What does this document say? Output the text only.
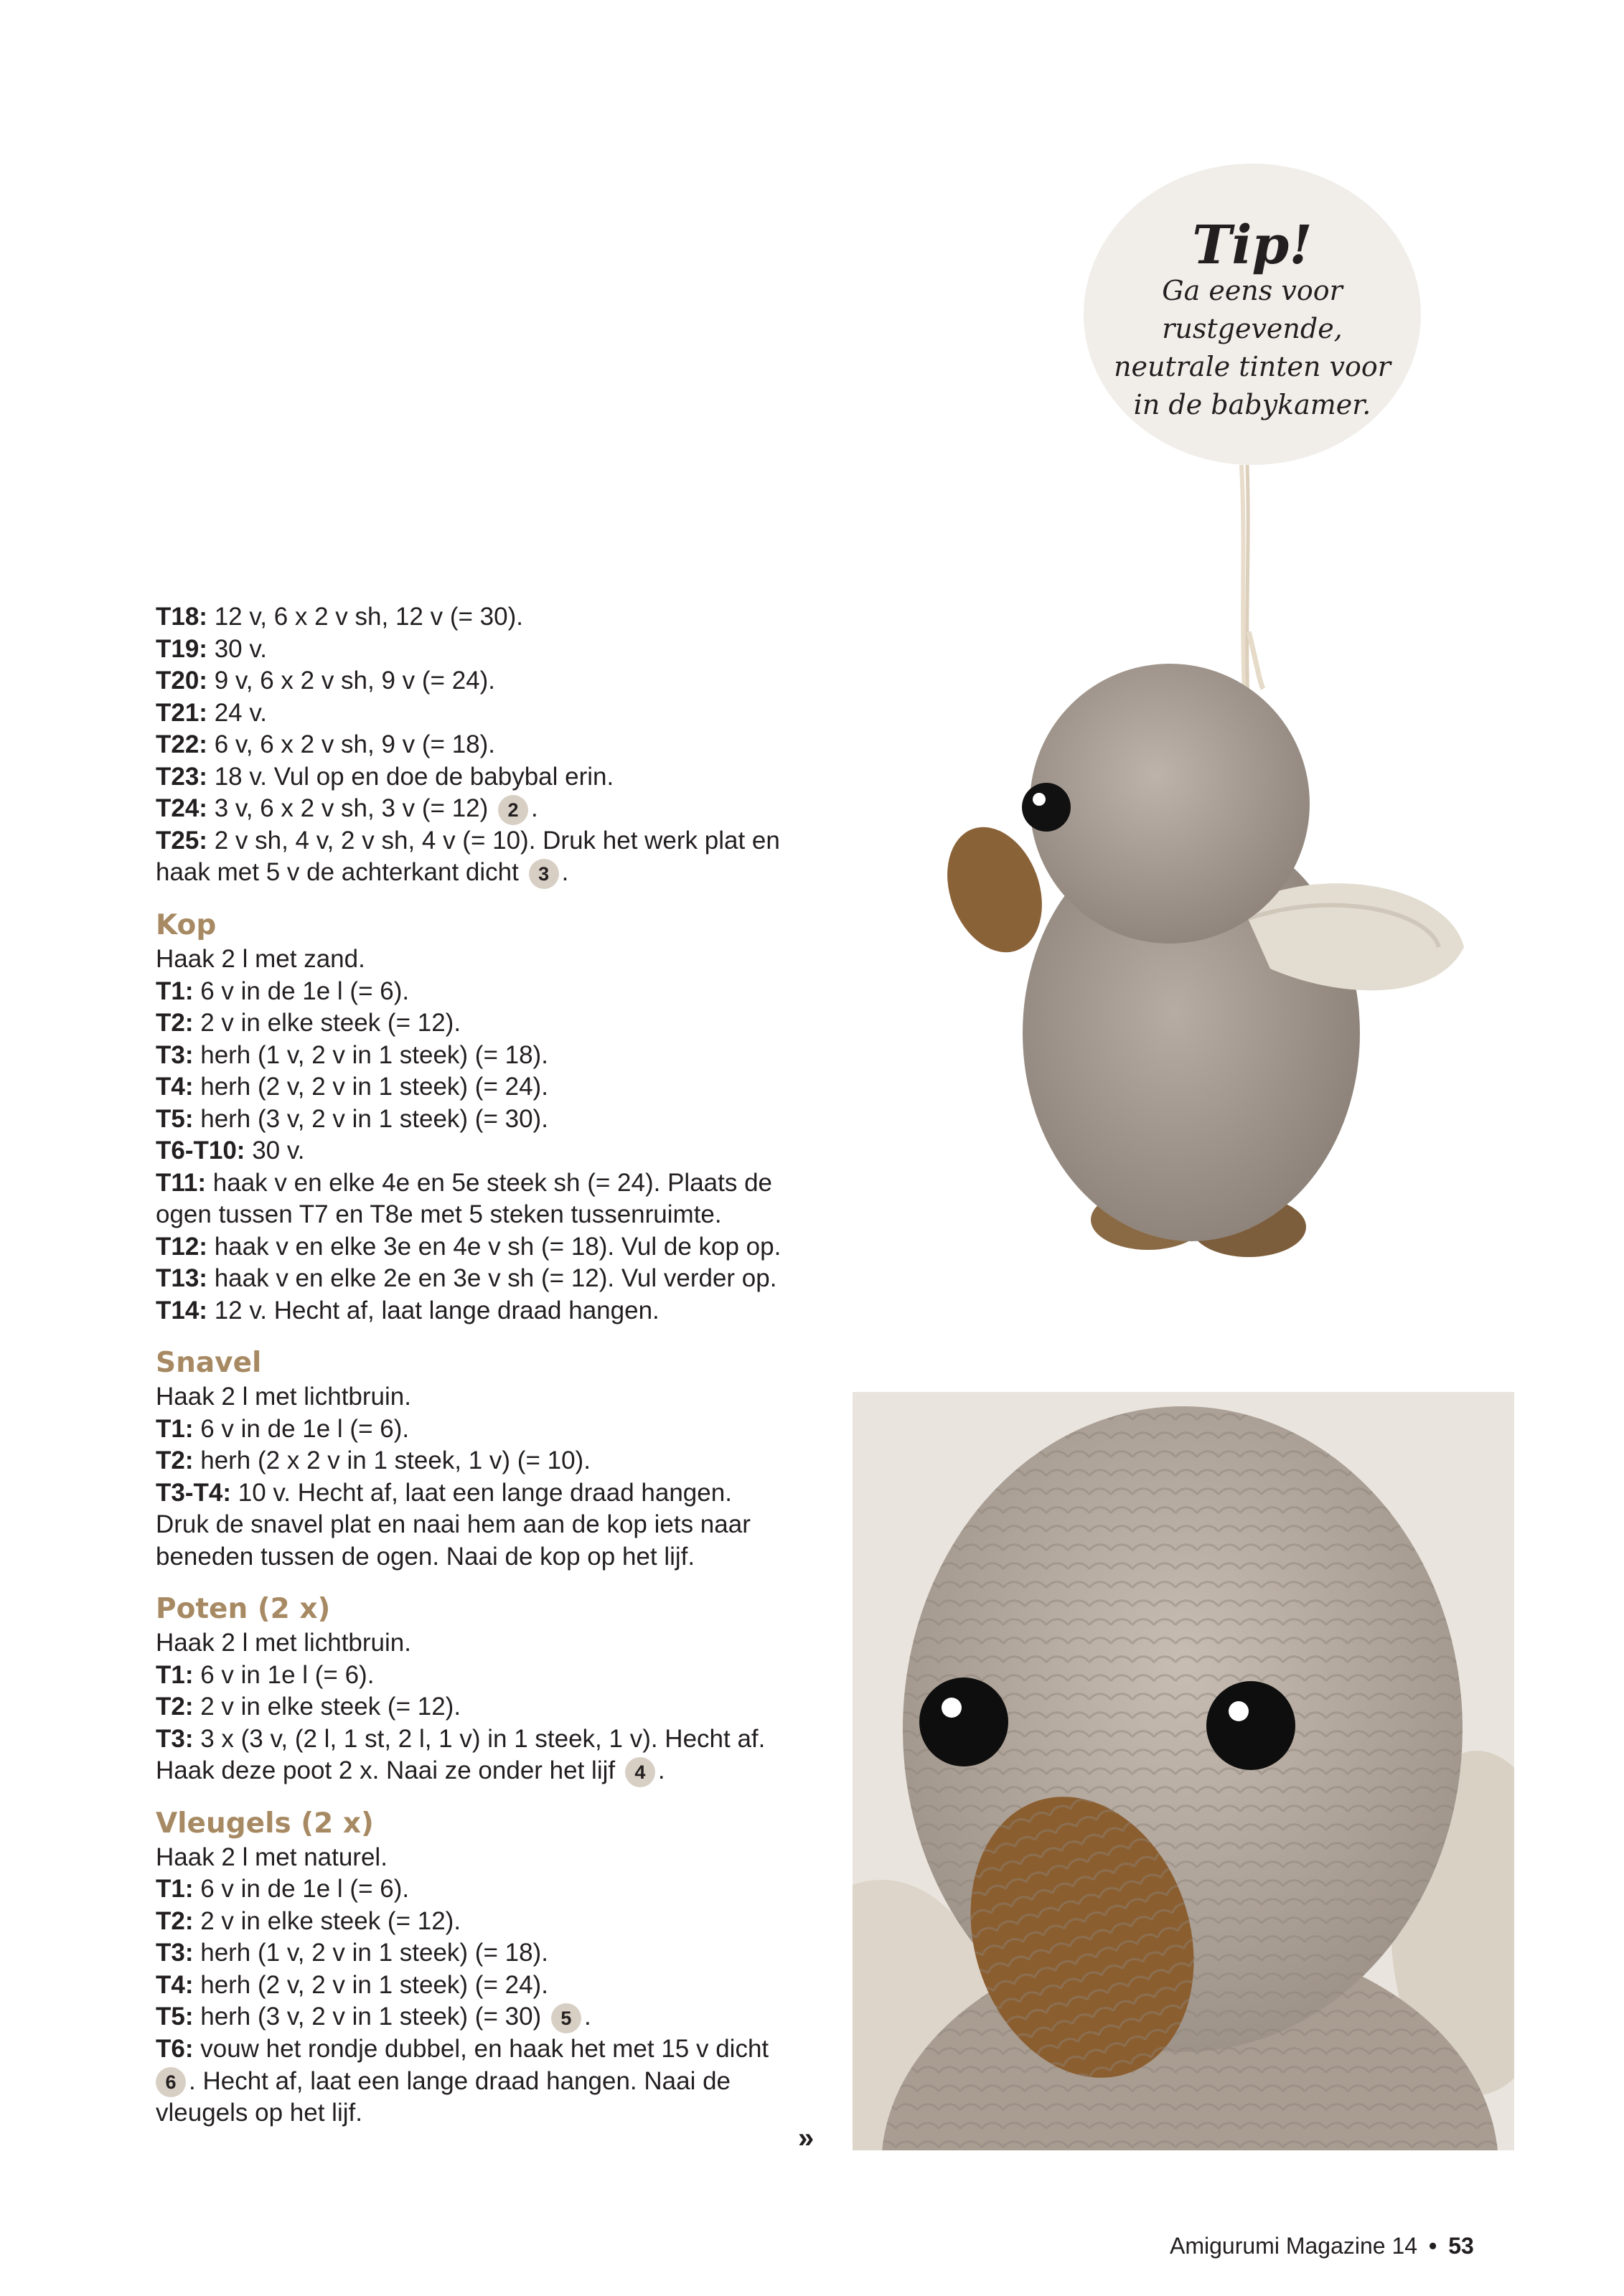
Tip!
Ga eens voor
rustgevende,
neutrale tinten voor
in de babykamer.
T18: 12 v, 6 x 2 v sh, 12 v (= 30).
T19: 30 v.
T20: 9 v, 6 x 2 v sh, 9 v (= 24).
T21: 24 v.
T22: 6 v, 6 x 2 v sh, 9 v (= 18).
T23: 18 v. Vul op en doe de babybal erin.
T24: 3 v, 6 x 2 v sh, 3 v (= 12) 2 .
T25: 2 v sh, 4 v, 2 v sh, 4 v (= 10). Druk het werk plat en
haak met 5 v de achterkant dicht 3 .
Kop
Haak 2 l met zand.
T1: 6 v in de 1e l (= 6).
T2: 2 v in elke steek (= 12).
T3: herh (1 v, 2 v in 1 steek) (= 18).
T4: herh (2 v, 2 v in 1 steek) (= 24).
T5: herh (3 v, 2 v in 1 steek) (= 30).
T6-T10: 30 v.
T11: haak v en elke 4e en 5e steek sh (= 24). Plaats de
ogen tussen T7 en T8e met 5 steken tussenruimte.
T12: haak v en elke 3e en 4e v sh (= 18). Vul de kop op.
T13: haak v en elke 2e en 3e v sh (= 12). Vul verder op.
T14: 12 v. Hecht af, laat lange draad hangen.
Snavel
Haak 2 l met lichtbruin.
T1: 6 v in de 1e l (= 6).
T2: herh (2 x 2 v in 1 steek, 1 v) (= 10).
T3-T4: 10 v. Hecht af, laat een lange draad hangen.
Druk de snavel plat en naai hem aan de kop iets naar
beneden tussen de ogen. Naai de kop op het lijf.
Poten (2 x)
Haak 2 l met lichtbruin.
T1: 6 v in 1e l (= 6).
T2: 2 v in elke steek (= 12).
T3: 3 x (3 v, (2 l, 1 st, 2 l, 1 v) in 1 steek, 1 v). Hecht af.
Haak deze poot 2 x. Naai ze onder het lijf 4 .
Vleugels (2 x)
Haak 2 l met naturel.
T1: 6 v in de 1e l (= 6).
T2: 2 v in elke steek (= 12).
T3: herh (1 v, 2 v in 1 steek) (= 18).
T4: herh (2 v, 2 v in 1 steek) (= 24).
T5: herh (3 v, 2 v in 1 steek) (= 30) 5 .
T6: vouw het rondje dubbel, en haak het met 15 v dicht
6 . Hecht af, laat een lange draad hangen. Naai de
vleugels op het lijf.
»
Amigurumi Magazine 14 • 53
